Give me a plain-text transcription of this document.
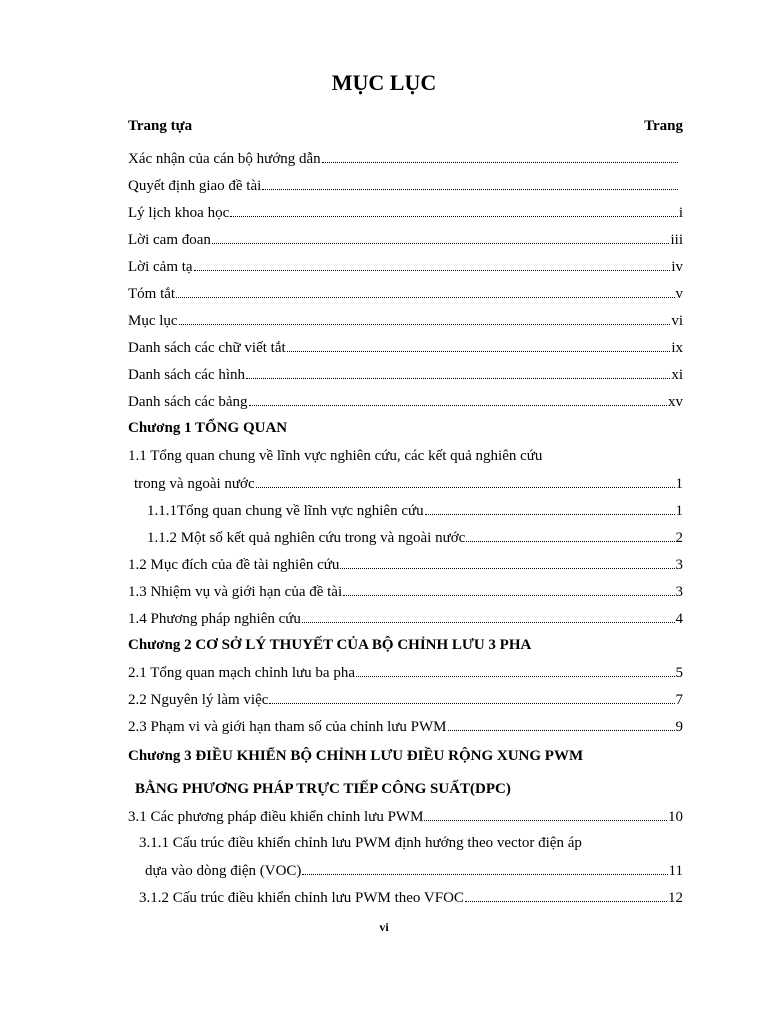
MỤC LỤC
Trang tựa	Trang
Xác nhận của cán bộ hướng dẫn
Quyết định giao đề tài
Lý lịch khoa học	i
Lời cam đoan	iii
Lời cảm tạ	iv
Tóm tắt	v
Mục lục	vi
Danh sách các chữ viết tắt	ix
Danh sách các hình	xi
Danh sách các bảng	xv
Chương 1 TỔNG QUAN
1.1 Tổng quan chung về lĩnh vực nghiên cứu, các kết quả nghiên cứu
trong và ngoài nước	1
1.1.1Tổng quan chung về lĩnh vực nghiên cứu	1
1.1.2 Một số kết quả nghiên cứu trong và ngoài nước	2
1.2 Mục đích của đề tài nghiên cứu	3
1.3 Nhiệm vụ và giới hạn của đề tài	3
1.4 Phương pháp nghiên cứu	4
Chương 2 CƠ SỞ LÝ THUYẾT CỦA BỘ CHỈNH LƯU 3 PHA
2.1 Tổng quan mạch chỉnh lưu ba pha	5
2.2 Nguyên lý làm việc	7
2.3 Phạm vi và giới hạn tham số của chỉnh lưu PWM	9
Chương 3 ĐIỀU KHIỂN BỘ CHỈNH LƯU ĐIỀU RỘNG XUNG PWM
BẰNG PHƯƠNG PHÁP TRỰC TIẾP CÔNG SUẤT(DPC)
3.1 Các phương pháp điều khiển chỉnh lưu PWM	10
3.1.1 Cấu trúc điều khiển chỉnh lưu PWM định hướng theo vector điện áp
dựa vào dòng điện (VOC)	11
3.1.2 Cấu trúc điều khiển chỉnh lưu PWM theo VFOC	12
vi
